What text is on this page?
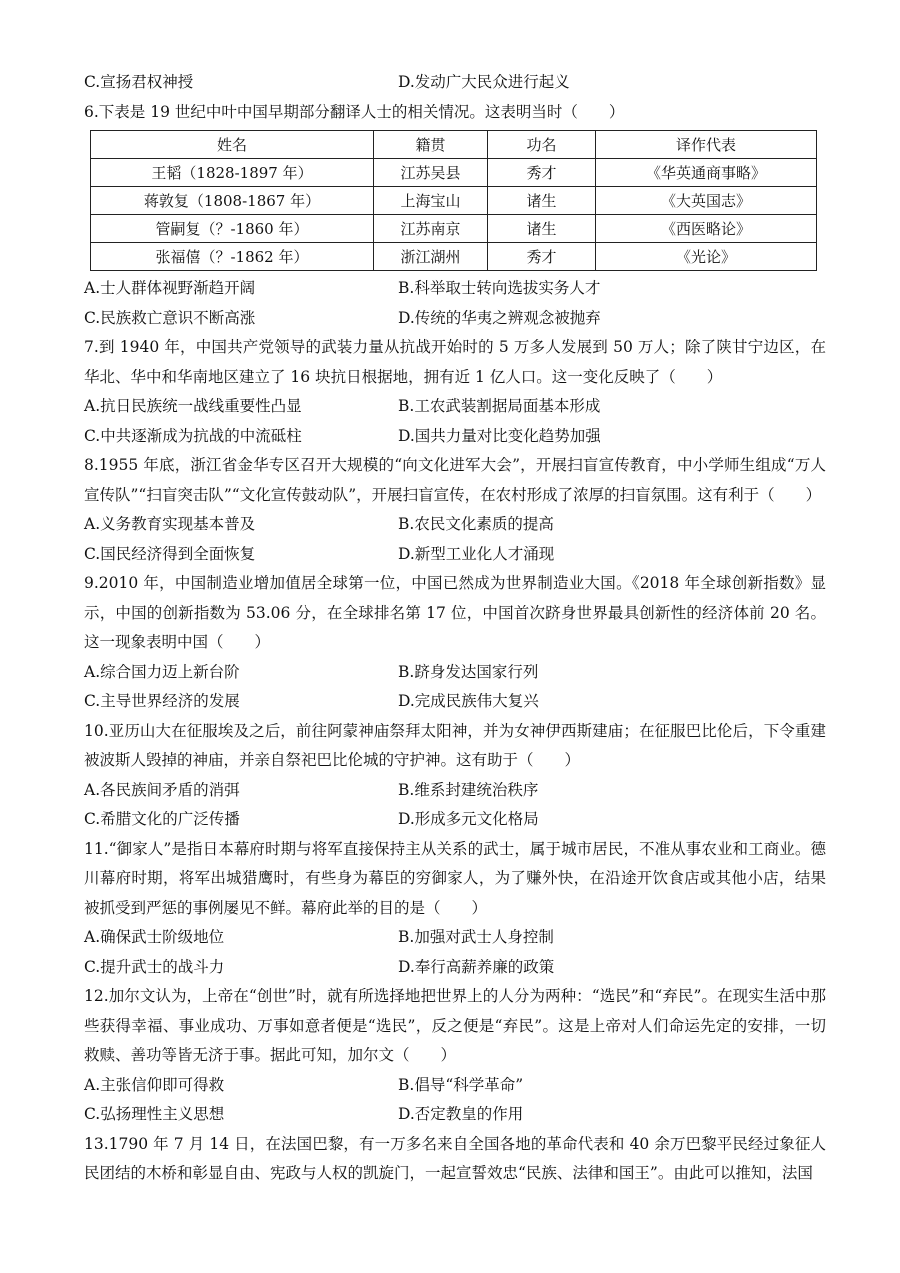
C.宣扬君权神授	D.发动广大民众进行起义
6.下表是 19 世纪中叶中国早期部分翻译人士的相关情况。这表明当时（　　）
姓名	籍贯	功名	译作代表
王韬（1828-1897 年）	江苏吴县	秀才	《华英通商事略》
蒋敦复（1808-1867 年）	上海宝山	诸生	《大英国志》
管嗣复（？-1860 年）	江苏南京	诸生	《西医略论》
张福僖（？-1862 年）	浙江湖州	秀才	《光论》
A.士人群体视野渐趋开阔	B.科举取士转向选拔实务人才
C.民族救亡意识不断高涨	D.传统的华夷之辨观念被抛弃
7.到 1940 年，中国共产党领导的武装力量从抗战开始时的 5 万多人发展到 50 万人；除了陕甘宁边区，在华北、华中和华南地区建立了 16 块抗日根据地，拥有近 1 亿人口。这一变化反映了（　　）
A.抗日民族统一战线重要性凸显	B.工农武装割据局面基本形成
C.中共逐渐成为抗战的中流砥柱	D.国共力量对比变化趋势加强
8.1955 年底，浙江省金华专区召开大规模的“向文化进军大会”，开展扫盲宣传教育，中小学师生组成“万人宣传队”“扫盲突击队”“文化宣传鼓动队”，开展扫盲宣传，在农村形成了浓厚的扫盲氛围。这有利于（　　）
A.义务教育实现基本普及	B.农民文化素质的提高
C.国民经济得到全面恢复	D.新型工业化人才涌现
9.2010 年，中国制造业增加值居全球第一位，中国已然成为世界制造业大国。《2018 年全球创新指数》显示，中国的创新指数为 53.06 分，在全球排名第 17 位，中国首次跻身世界最具创新性的经济体前 20 名。这一现象表明中国（　　）
A.综合国力迈上新台阶	B.跻身发达国家行列
C.主导世界经济的发展	D.完成民族伟大复兴
10.亚历山大在征服埃及之后，前往阿蒙神庙祭拜太阳神，并为女神伊西斯建庙；在征服巴比伦后，下令重建被波斯人毁掉的神庙，并亲自祭祀巴比伦城的守护神。这有助于（　　）
A.各民族间矛盾的消弭	B.维系封建统治秩序
C.希腊文化的广泛传播	D.形成多元文化格局
11.“御家人”是指日本幕府时期与将军直接保持主从关系的武士，属于城市居民，不准从事农业和工商业。德川幕府时期，将军出城猎鹰时，有些身为幕臣的穷御家人，为了赚外快，在沿途开饮食店或其他小店，结果被抓受到严惩的事例屡见不鲜。幕府此举的目的是（　　）
A.确保武士阶级地位	B.加强对武士人身控制
C.提升武士的战斗力	D.奉行高薪养廉的政策
12.加尔文认为，上帝在“创世”时，就有所选择地把世界上的人分为两种：“选民”和“弃民”。在现实生活中那些获得幸福、事业成功、万事如意者便是“选民”，反之便是“弃民”。这是上帝对人们命运先定的安排，一切救赎、善功等皆无济于事。据此可知，加尔文（　　）
A.主张信仰即可得救	B.倡导“科学革命”
C.弘扬理性主义思想	D.否定教皇的作用
13.1790 年 7 月 14 日，在法国巴黎，有一万多名来自全国各地的革命代表和 40 余万巴黎平民经过象征人民团结的木桥和彰显自由、宪政与人权的凯旋门，一起宣誓效忠“民族、法律和国王”。由此可以推知，法国
